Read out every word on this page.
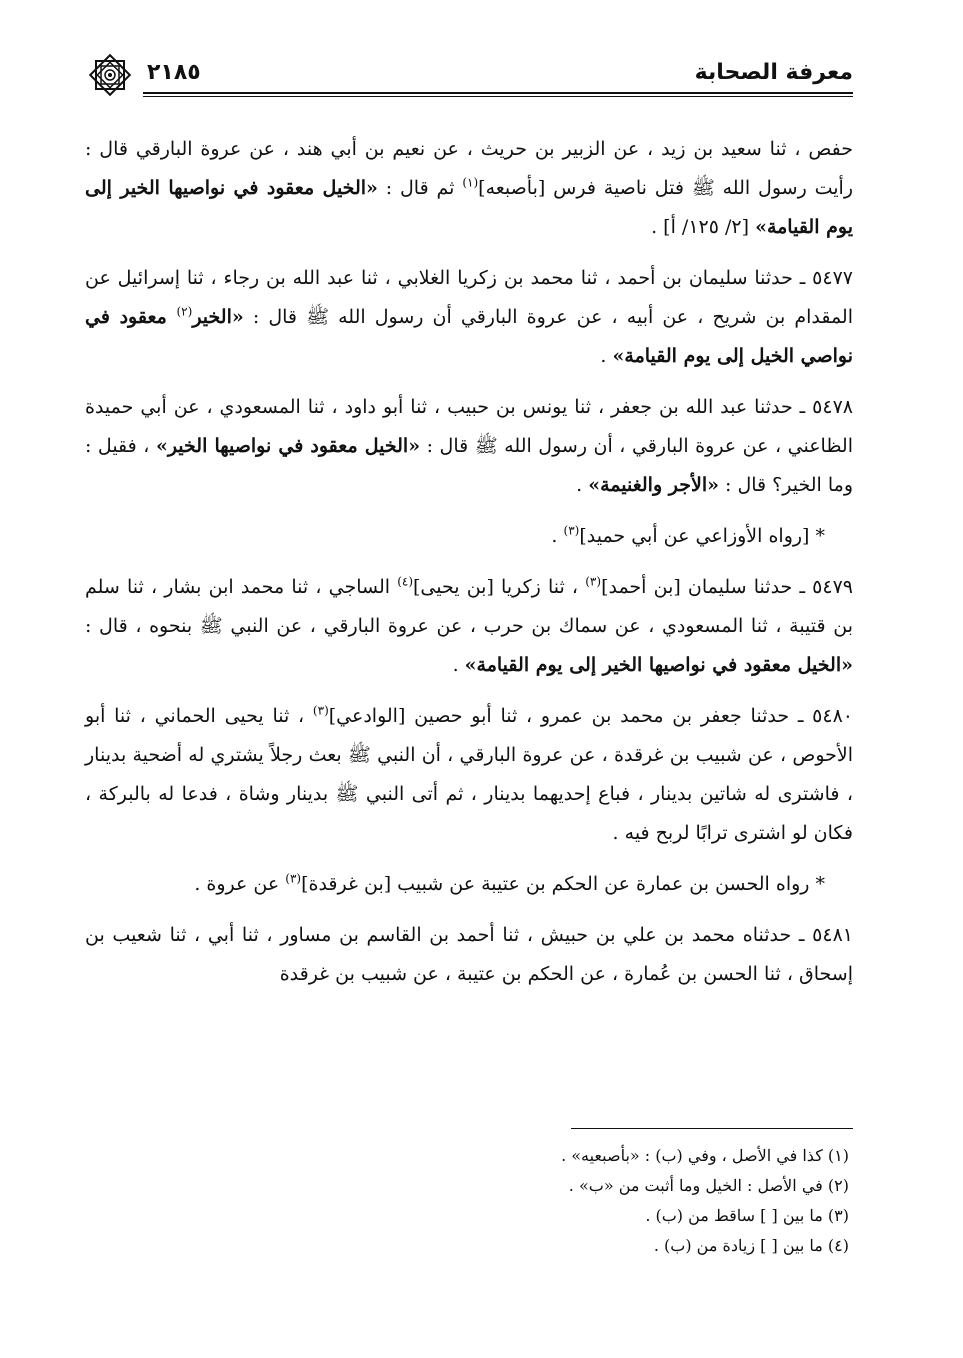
معرفة الصحابة
٢١٨٥

حفص ، ثنا سعيد بن زيد ، عن الزبير بن حريث ، عن نعيم بن أبي هند ، عن عروة البارقي قال : رأيت رسول الله ﷺ فتل ناصية فرس [بأصبعه]$^{(١)}$ ثم قال : «الخيل معقود في نواصيها الخير إلى يوم القيامة» [٢/ ١٢٥/ أ] .

٥٤٧٧ ـ حدثنا سليمان بن أحمد ، ثنا محمد بن زكريا الغلابي ، ثنا عبد الله بن رجاء ، ثنا إسرائيل عن المقدام بن شريح ، عن أبيه ، عن عروة البارقي أن رسول الله ﷺ قال : «الخير$^{(٢)}$ معقود في نواصي الخيل إلى يوم القيامة» .

٥٤٧٨ ـ حدثنا عبد الله بن جعفر ، ثنا يونس بن حبيب ، ثنا أبو داود ، ثنا المسعودي ، عن أبي حميدة الظاعني ، عن عروة البارقي ، أن رسول الله ﷺ قال : «الخيل معقود في نواصيها الخير» ، فقيل : وما الخير؟ قال : «الأجر والغنيمة» .

* [رواه الأوزاعي عن أبي حميد]$^{(٣)}$ .

٥٤٧٩ ـ حدثنا سليمان [بن أحمد]$^{(٣)}$ ، ثنا زكريا [بن يحيى]$^{(٤)}$ الساجي ، ثنا محمد ابن بشار ، ثنا سلم بن قتيبة ، ثنا المسعودي ، عن سماك بن حرب ، عن عروة البارقي ، عن النبي ﷺ بنحوه ، قال : «الخيل معقود في نواصيها الخير إلى يوم القيامة» .

٥٤٨٠ ـ حدثنا جعفر بن محمد بن عمرو ، ثنا أبو حصين [الوادعي]$^{(٣)}$ ، ثنا يحيى الحماني ، ثنا أبو الأحوص ، عن شبيب بن غرقدة ، عن عروة البارقي ، أن النبي ﷺ بعث رجلاً يشتري له أضحية بدينار ، فاشترى له شاتين بدينار ، فباع إحديهما بدينار ، ثم أتى النبي ﷺ بدينار وشاة ، فدعا له بالبركة ، فكان لو اشترى ترابًا لربح فيه .

* رواه الحسن بن عمارة عن الحكم بن عتيبة عن شبيب [بن غرقدة]$^{(٣)}$ عن عروة .

٥٤٨١ ـ حدثناه محمد بن علي بن حبيش ، ثنا أحمد بن القاسم بن مساور ، ثنا أبي ، ثنا شعيب بن إسحاق ، ثنا الحسن بن عُمارة ، عن الحكم بن عتيبة ، عن شبيب بن غرقدة

(١) كذا في الأصل ، وفي (ب) : «بأصبعيه» .

(٢) في الأصل : الخيل وما أثبت من «ب» .

(٣) ما بين [ ] ساقط من (ب) .

(٤) ما بين [ ] زيادة من (ب) .
